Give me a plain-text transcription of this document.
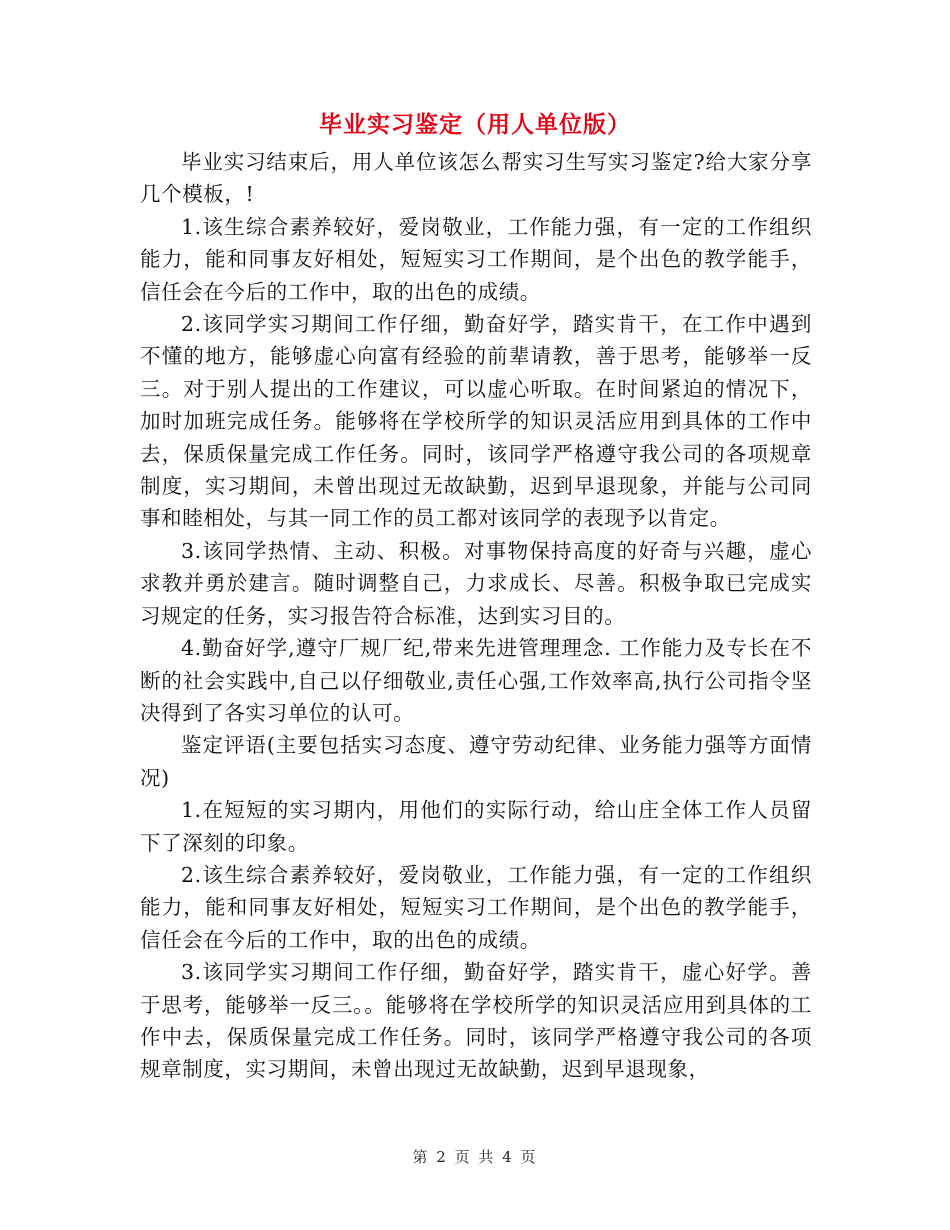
毕业实习鉴定（用人单位版）

毕业实习结束后，用人单位该怎么帮实习生写实习鉴定?给大家分享几个模板，!

1.该生综合素养较好，爱岗敬业，工作能力强，有一定的工作组织能力，能和同事友好相处，短短实习工作期间，是个出色的教学能手，信任会在今后的工作中，取的出色的成绩。

2.该同学实习期间工作仔细，勤奋好学，踏实肯干，在工作中遇到不懂的地方，能够虚心向富有经验的前辈请教，善于思考，能够举一反三。对于别人提出的工作建议，可以虚心听取。在时间紧迫的情况下，加时加班完成任务。能够将在学校所学的知识灵活应用到具体的工作中去，保质保量完成工作任务。同时，该同学严格遵守我公司的各项规章制度，实习期间，未曾出现过无故缺勤，迟到早退现象，并能与公司同事和睦相处，与其一同工作的员工都对该同学的表现予以肯定。

3.该同学热情、主动、积极。对事物保持高度的好奇与兴趣，虚心求教并勇於建言。随时调整自己，力求成长、尽善。积极争取已完成实习规定的任务，实习报告符合标准，达到实习目的。

4.勤奋好学,遵守厂规厂纪,带来先进管理理念. 工作能力及专长在不断的社会实践中,自己以仔细敬业,责任心强,工作效率高,执行公司指令坚决得到了各实习单位的认可。

鉴定评语(主要包括实习态度、遵守劳动纪律、业务能力强等方面情况)

1.在短短的实习期内，用他们的实际行动，给山庄全体工作人员留下了深刻的印象。

2.该生综合素养较好，爱岗敬业，工作能力强，有一定的工作组织能力，能和同事友好相处，短短实习工作期间，是个出色的教学能手，信任会在今后的工作中，取的出色的成绩。

3.该同学实习期间工作仔细，勤奋好学，踏实肯干，虚心好学。善于思考，能够举一反三。。能够将在学校所学的知识灵活应用到具体的工作中去，保质保量完成工作任务。同时，该同学严格遵守我公司的各项规章制度，实习期间，未曾出现过无故缺勤，迟到早退现象，

第 2 页 共 4 页
